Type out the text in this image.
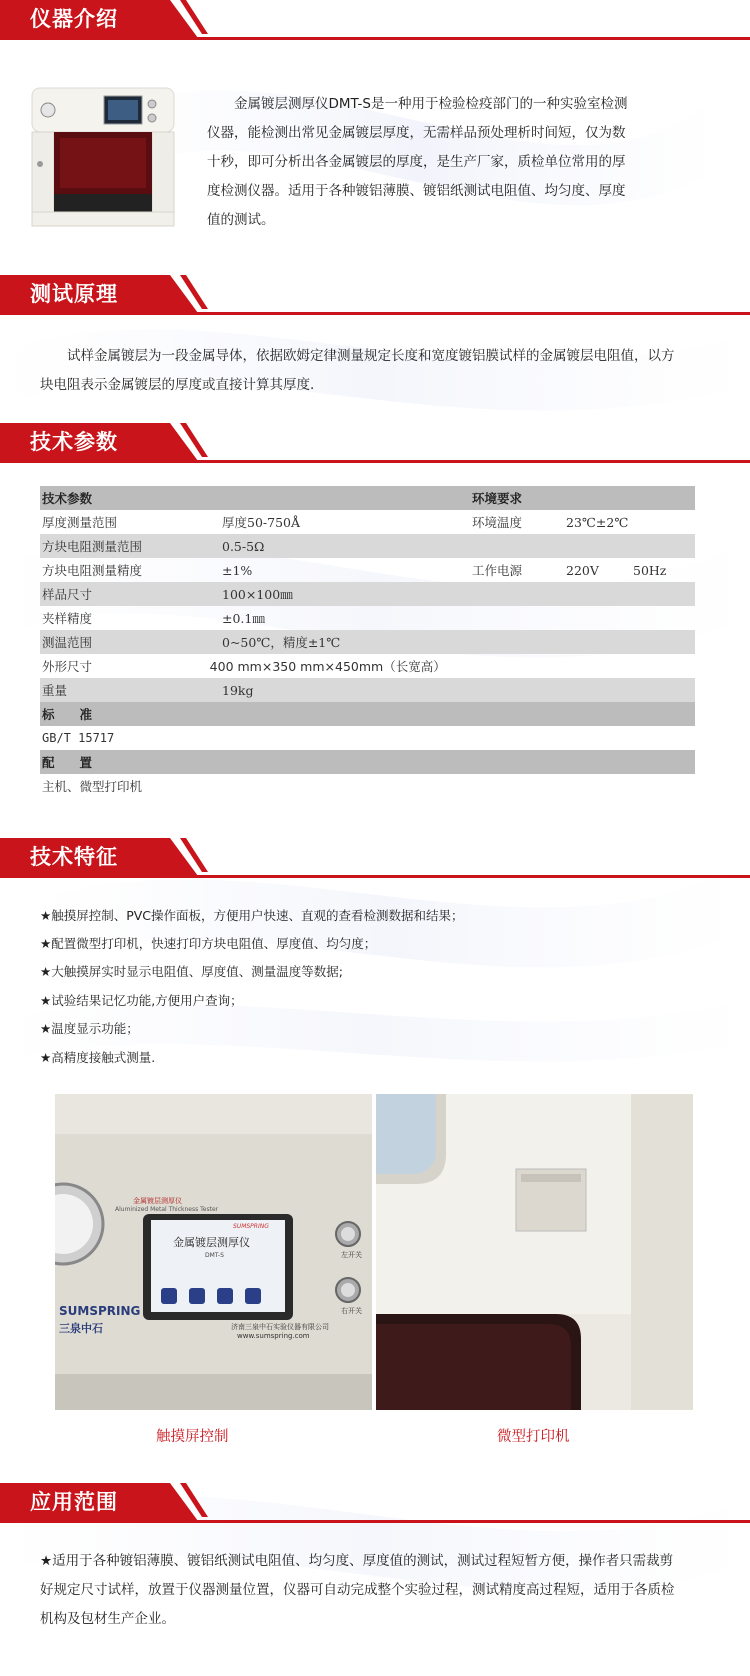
仪器介绍
　　金属镀层测厚仪DMT-S是一种用于检验检疫部门的一种实验室检测
仪器，能检测出常见金属镀层厚度，无需样品预处理析时间短，仅为数
十秒，即可分析出各金属镀层的厚度，是生产厂家，质检单位常用的厚
度检测仪器。适用于各种镀铝薄膜、镀铝纸测试电阻值、均匀度、厚度
值的测试。
测试原理
　　试样金属镀层为一段金属导体，依据欧姆定律测量规定长度和宽度镀铝膜试样的金属镀层电阻值，以方
块电阻表示金属镀层的厚度或直接计算其厚度.
技术参数
技术参数	环境要求
厚度测量范围	厚度50-750Å	环境温度	23℃±2℃
方块电阻测量范围	0.5-5Ω
方块电阻测量精度	±1%	工作电源	220V	50Hz
样品尺寸	100×100㎜
夹样精度	±0.1㎜
测温范围	0~50℃，精度±1℃
外形尺寸	400 mm×350 mm×450mm（长宽高）
重量	19kg
标　　准
GB/T 15717
配　　置
主机、微型打印机
技术特征
★触摸屏控制、PVC操作面板，方便用户快速、直观的查看检测数据和结果；
★配置微型打印机，快速打印方块电阻值、厚度值、均匀度；
★大触摸屏实时显示电阻值、厚度值、测量温度等数据;
★试验结果记忆功能,方便用户查询；
★温度显示功能；
★高精度接触式测量.
金属镀层测厚仪
Aluminized Metal Thickness Tester
SUMSPRING
金属镀层测厚仪
DMT-S	左开关
右开关
SUMSPRING
三泉中石	济南三泉中石实验仪器有限公司
www.sumspring.com
触摸屏控制	微型打印机
应用范围
★适用于各种镀铝薄膜、镀铝纸测试电阻值、均匀度、厚度值的测试，测试过程短暂方便，操作者只需裁剪
好规定尺寸试样，放置于仪器测量位置，仪器可自动完成整个实验过程，测试精度高过程短，适用于各质检
机构及包材生产企业。
